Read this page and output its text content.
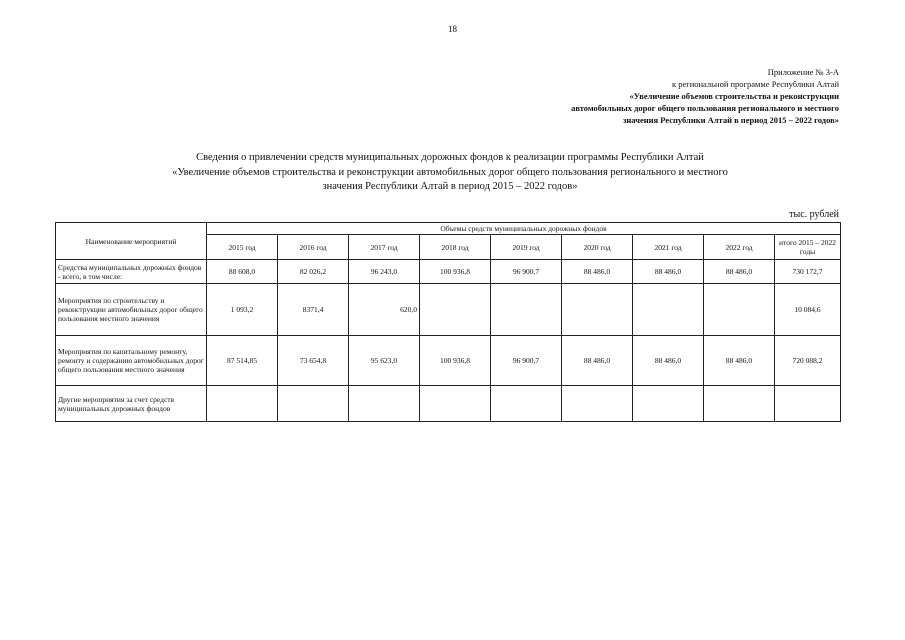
18
Приложение № 3-А
к региональной программе Республики Алтай
«Увеличение объемов строительства и реконструкции
автомобильных дорог общего пользования регионального и местного
значения Республики Алтай в период 2015 – 2022 годов»
Сведения о привлечении средств муниципальных дорожных фондов к реализации программы Республики Алтай
«Увеличение объемов строительства и реконструкции автомобильных дорог общего пользования регионального и местного
значения Республики Алтай в период 2015 – 2022 годов»
тыс. рублей
Наименование мероприятий	Объемы средств муниципальных дорожных фондов								
	2015 год	2016 год	2017 год	2018 год	2019 год	2020 год	2021 год	2022 год	итого 2015 – 2022 годы
Средства муниципальных дорожных фондов - всего, в том числе:	88 608,0	82 026,2	96 243,0	100 936,8	96 900,7	88 486,0	88 486,0	88 486,0	730 172,7
Мероприятия по строительству и реконструкции автомобильных дорог общего пользования местного значения	1 093,2	8371,4	620,0						10 084,6
Мероприятия по капитальному ремонту, ремонту и содержанию автомобильных дорог общего пользования местного значения	87 514,85	73 654,8	95 623,0	100 936,8	96 900,7	88 486,0	88 486,0	88 486,0	720 088,2
Другие мероприятия за счет средств муниципальных дорожных фондов									
